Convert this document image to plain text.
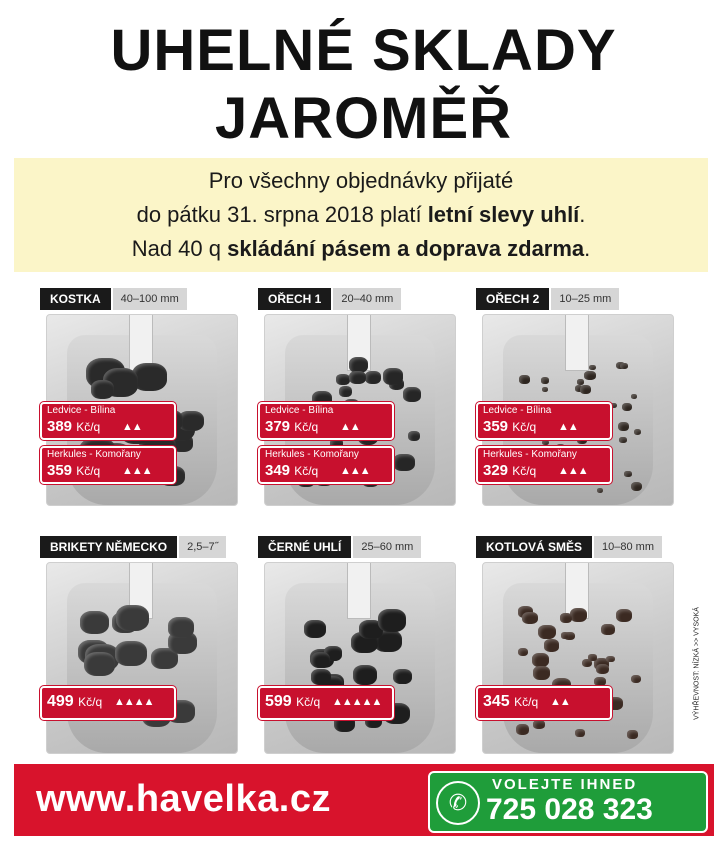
UHELNÉ SKLADY
JAROMĚŘ
Pro všechny objednávky přijaté
do pátku 31. srpna 2018 platí letní slevy uhlí.
Nad 40 q skládání pásem a doprava zdarma.
KOSTKA	40–100 mm
Ledvice - Bílina
389 Kč/q ▲▲
Herkules - Komořany
359 Kč/q ▲▲▲
OŘECH 1	20–40 mm
Ledvice - Bílina
379 Kč/q ▲▲
Herkules - Komořany
349 Kč/q ▲▲▲
OŘECH 2	10–25 mm
Ledvice - Bílina
359 Kč/q ▲▲
Herkules - Komořany
329 Kč/q ▲▲▲
BRIKETY NĚMECKO	2,5–7˝
499 Kč/q ▲▲▲▲
ČERNÉ UHLÍ	25–60 mm
599 Kč/q ▲▲▲▲▲
KOTLOVÁ SMĚS	10–80 mm
345 Kč/q ▲▲	VÝHŘEVNOST: NÍZKÁ >> VYSOKÁ
www.havelka.cz	✆
VOLEJTE IHNED
725 028 323
